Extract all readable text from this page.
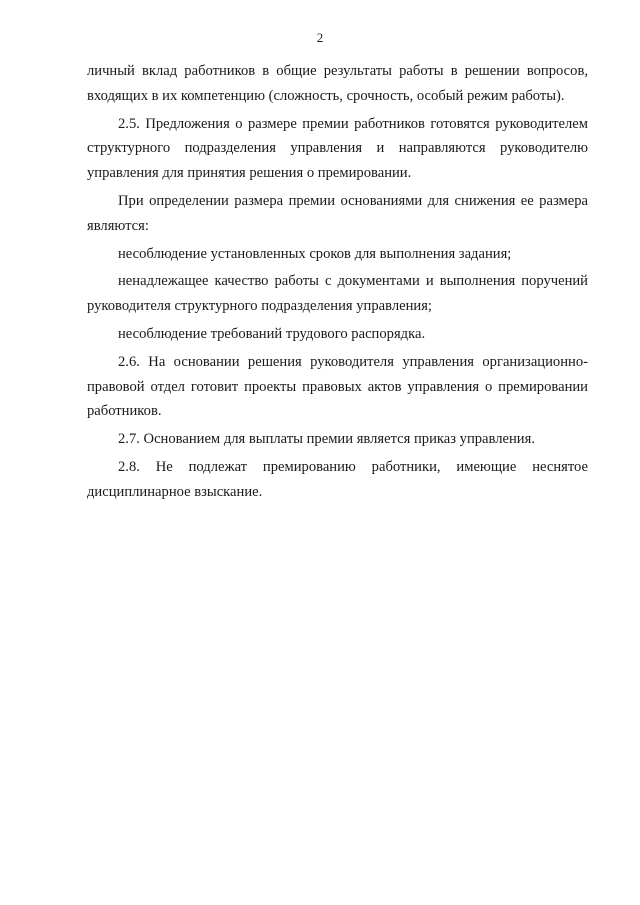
2

личный вклад работников в общие результаты работы в решении вопросов, входящих в их компетенцию (сложность, срочность, особый режим работы).

2.5. Предложения о размере премии работников готовятся руководителем структурного подразделения управления и направляются руководителю управления для принятия решения о премировании.

При определении размера премии основаниями для снижения ее размера являются:

несоблюдение установленных сроков для выполнения задания;

ненадлежащее качество работы с документами и выполнения поручений руководителя структурного подразделения управления;

несоблюдение требований трудового распорядка.

2.6. На основании решения руководителя управления организационно-правовой отдел готовит проекты правовых актов управления о премировании работников.

2.7. Основанием для выплаты премии является приказ управления.

2.8. Не подлежат премированию работники, имеющие неснятое дисциплинарное взыскание.
